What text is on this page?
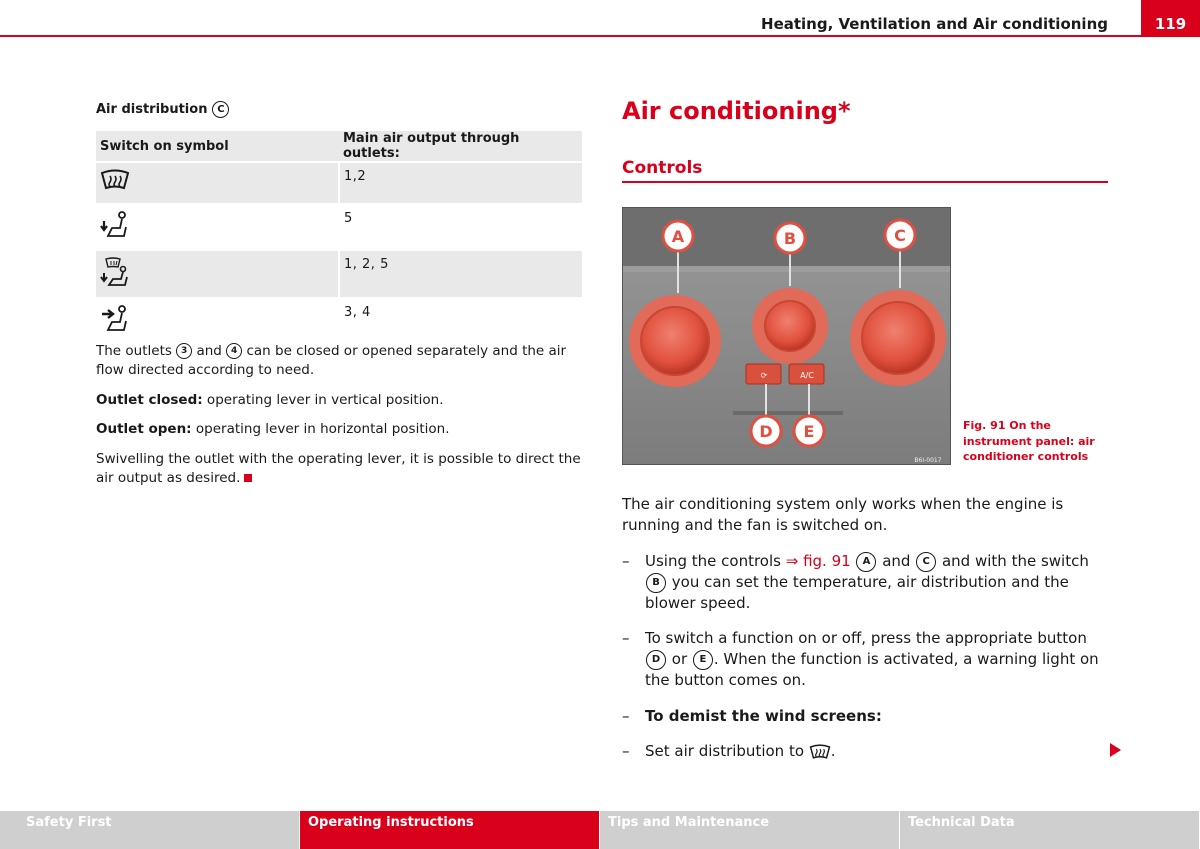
Heating, Ventilation and Air conditioning	119
Air distribution C
Switch on symbol	Main air output through outlets:
	1,2
	5
	1, 2, 5
	3, 4
The outlets 3 and 4 can be closed or opened separately and the air flow directed according to need.
Outlet closed: operating lever in vertical position.
Outlet open: operating lever in horizontal position.
Swivelling the outlet with the operating lever, it is possible to direct the air output as desired.
Air conditioning*
Controls
⟳	A/C
A	B	C
D E
B6I-0017
Fig. 91 On the instrument panel: air conditioner controls
The air conditioning system only works when the engine is running and the fan is switched on.
– Using the controls ⇒ fig. 91 A and C and with the switch B you can set the temperature, air distribution and the blower speed.
– To switch a function on or off, press the appropriate button D or E . When the function is activated, a warning light on the button comes on.
– To demist the wind screens:
– Set air distribution to .
Safety First	Operating instructions	Tips and Maintenance	Technical Data
